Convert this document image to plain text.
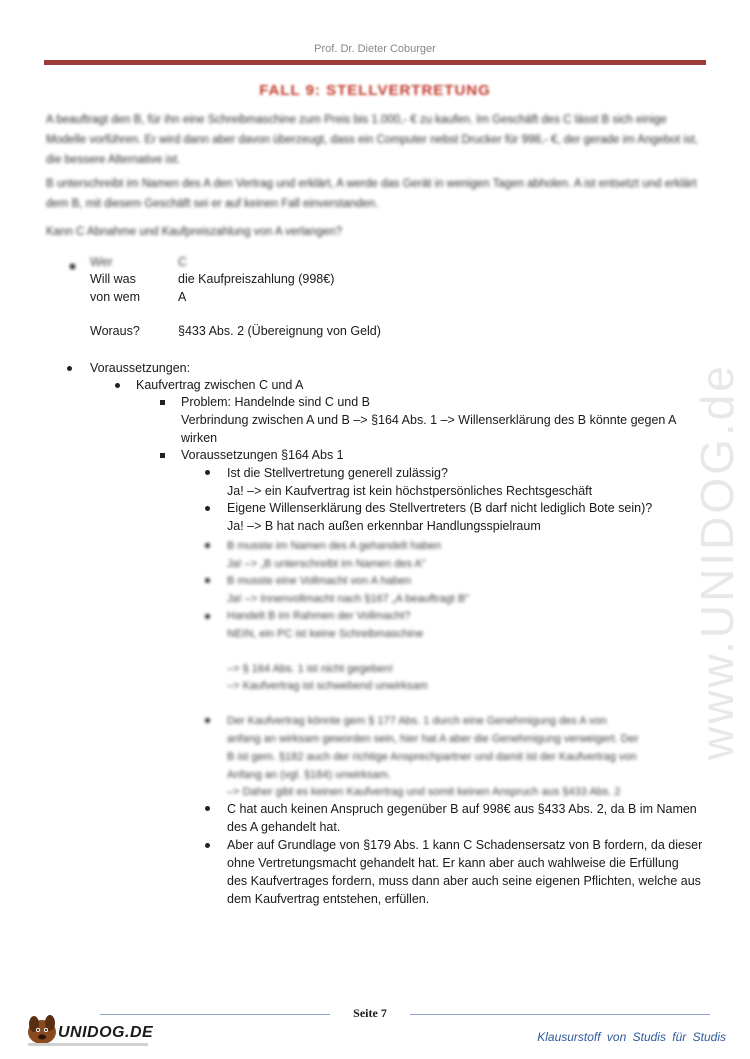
Prof. Dr. Dieter Coburger
FALL 9: STELLVERTRETUNG
A beauftragt den B, für ihn eine Schreibmaschine zum Preis bis 1.000,- € zu kaufen. Im Geschäft des C lässt B sich einige Modelle vorführen. Er wird dann aber davon überzeugt, dass ein Computer nebst Drucker für 998,- €, der gerade im Angebot ist, die bessere Alternative ist.
B unterschreibt im Namen des A den Vertrag und erklärt, A werde das Gerät in wenigen Tagen abholen. A ist entsetzt und erklärt dem B, mit diesem Geschäft sei er auf keinen Fall einverstanden.
Kann C Abnahme und Kaufpreiszahlung von A verlangen?
Wer	C
Will was	die Kaufpreiszahlung (998€)
von wem	A
Woraus?	§433 Abs. 2 (Übereignung von Geld)
Voraussetzungen:
Kaufvertrag zwischen C und A
Problem: Handelnde sind C und B
Verbrindung zwischen A und B –> §164 Abs. 1 –> Willenserklärung des B könnte gegen A wirken
Voraussetzungen §164 Abs 1
Ist die Stellvertretung generell zulässig?
Ja! –> ein Kaufvertrag ist kein höchstpersönliches Rechtsgeschäft
Eigene Willenserklärung des Stellvertreters (B darf nicht lediglich Bote sein)?
Ja! –> B hat nach außen erkennbar Handlungsspielraum
B musste im Namen des A gehandelt haben
Ja! –> „B unterschreibt im Namen des A"
B musste eine Vollmacht von A haben
Ja! –> Innenvollmacht nach §167 „A beauftragt B"
Handelt B im Rahmen der Vollmacht?
NEIN, ein PC ist keine Schreibmaschine
–> § 164 Abs. 1 ist nicht gegeben!
–> Kaufvertrag ist schwebend unwirksam
Der Kaufvertrag könnte gem § 177 Abs. 1 durch eine Genehmigung des A von
anfang an wirksam geworden sein, hier hat A aber die Genehmigung verweigert. Der
B ist gem. §182 auch der richtige Ansprechpartner und damit ist der Kaufvertrag von
Anfang an (vgl. §184) unwirksam.
–> Daher gibt es keinen Kaufvertrag und somit keinen Anspruch aus §433 Abs. 2
C hat auch keinen Anspruch gegenüber B auf 998€ aus §433 Abs. 2, da B im Namen
des A gehandelt hat.
Aber auf Grundlage von §179 Abs. 1 kann C Schadensersatz von B fordern, da dieser
ohne Vertretungsmacht gehandelt hat. Er kann aber auch wahlweise die Erfüllung
des Kaufvertrages fordern, muss dann aber auch seine eigenen Pflichten, welche aus
dem Kaufvertrag entstehen, erfüllen.
www.UNIDOG.de
UNIDOG.DE
Seite 7
Klausurstoff von Studis für Studis
